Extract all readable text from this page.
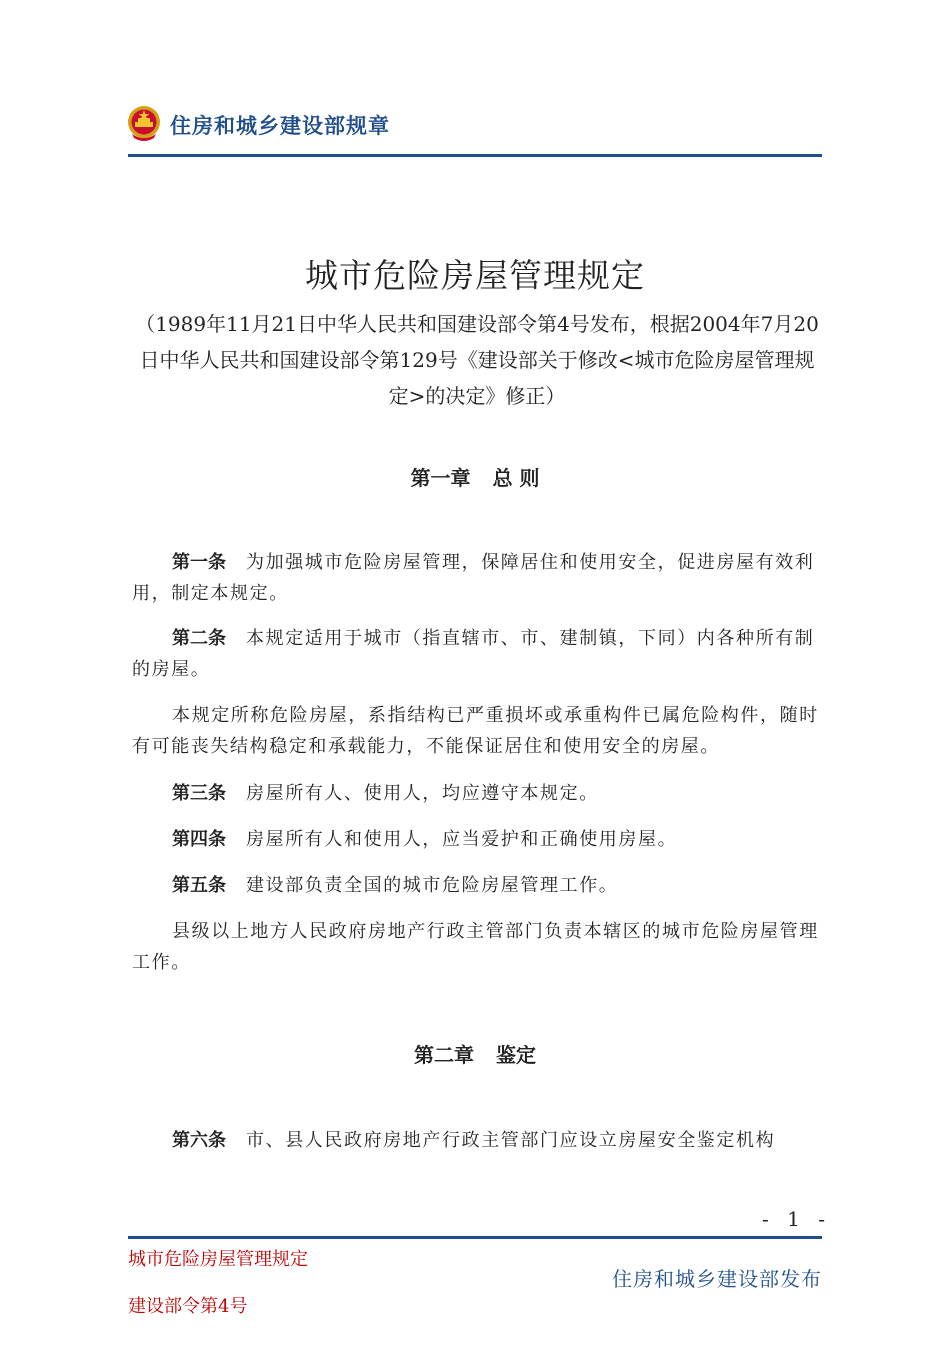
住房和城乡建设部规章
城市危险房屋管理规定
（1989年11月21日中华人民共和国建设部令第4号发布，根据2004年7月20日中华人民共和国建设部令第129号《建设部关于修改<城市危险房屋管理规定>的决定》修正）
第一章 总 则
第一条 为加强城市危险房屋管理，保障居住和使用安全，促进房屋有效利用，制定本规定。
第二条 本规定适用于城市（指直辖市、市、建制镇，下同）内各种所有制的房屋。
本规定所称危险房屋，系指结构已严重损坏或承重构件已属危险构件，随时有可能丧失结构稳定和承载能力，不能保证居住和使用安全的房屋。
第三条 房屋所有人、使用人，均应遵守本规定。
第四条 房屋所有人和使用人，应当爱护和正确使用房屋。
第五条 建设部负责全国的城市危险房屋管理工作。
县级以上地方人民政府房地产行政主管部门负责本辖区的城市危险房屋管理工作。
第二章 鉴定
第六条 市、县人民政府房地产行政主管部门应设立房屋安全鉴定机构
- 1 -
城市危险房屋管理规定
建设部令第4号
住房和城乡建设部发布
